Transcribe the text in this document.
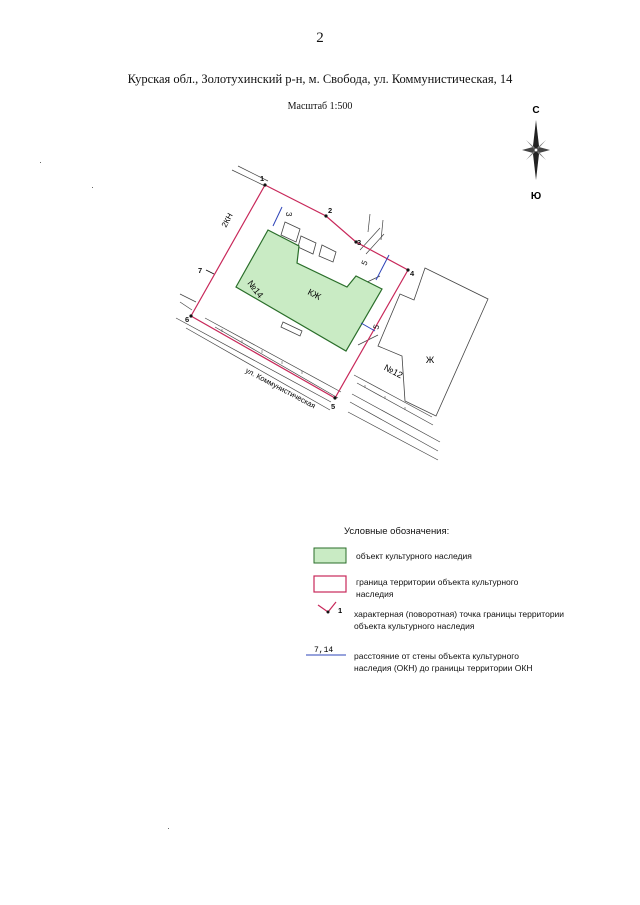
2
Курская обл., Золотухинский р-н, м. Свобода, ул. Коммунистическая, 14
Масштаб 1:500	С
Ю
Ж
№12
КЖ
№14
3
5
5
1
2
3
4
5
6
7
2КН
ул. Коммунистическая
1
7,14
Условные обозначения:
объект культурного наследия
граница территории объекта культурного наследия
характерная (поворотная) точка границы территории объекта культурного наследия
расстояние от стены объекта культурного наследия (ОКН) до границы территории ОКН
